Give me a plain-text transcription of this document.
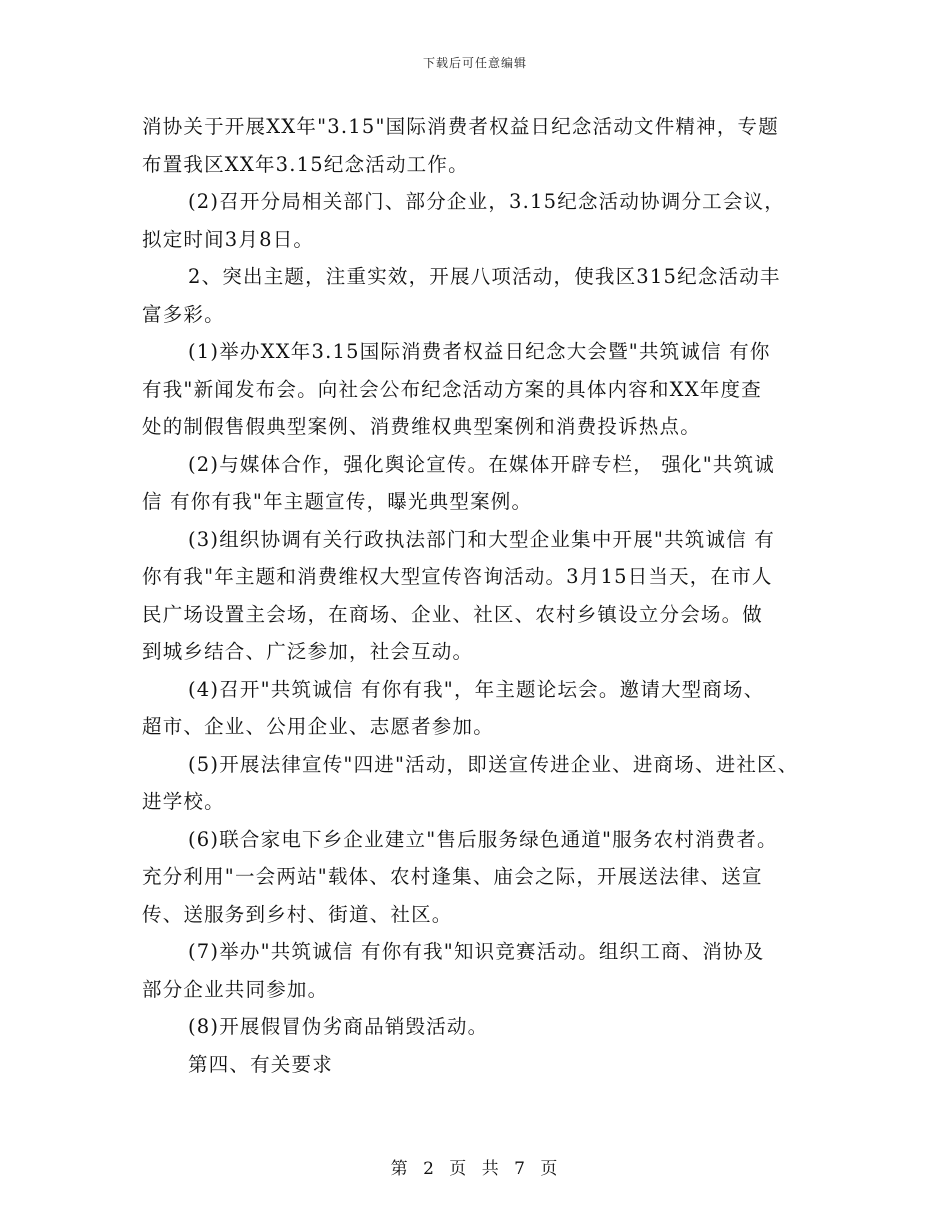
下载后可任意编辑
消协关于开展XX年"3.15"国际消费者权益日纪念活动文件精神，专题
布置我区XX年3.15纪念活动工作。
(2)召开分局相关部门、部分企业，3.15纪念活动协调分工会议，
拟定时间3月8日。
2、突出主题，注重实效，开展八项活动，使我区315纪念活动丰
富多彩。
(1)举办XX年3.15国际消费者权益日纪念大会暨"共筑诚信 有你
有我"新闻发布会。向社会公布纪念活动方案的具体内容和XX年度查
处的制假售假典型案例、消费维权典型案例和消费投诉热点。
(2)与媒体合作，强化舆论宣传。在媒体开辟专栏， 强化"共筑诚
信 有你有我"年主题宣传，曝光典型案例。
(3)组织协调有关行政执法部门和大型企业集中开展"共筑诚信 有
你有我"年主题和消费维权大型宣传咨询活动。3月15日当天，在市人
民广场设置主会场，在商场、企业、社区、农村乡镇设立分会场。做
到城乡结合、广泛参加，社会互动。
(4)召开"共筑诚信 有你有我"，年主题论坛会。邀请大型商场、
超市、企业、公用企业、志愿者参加。
(5)开展法律宣传"四进"活动，即送宣传进企业、进商场、进社区、
进学校。
(6)联合家电下乡企业建立"售后服务绿色通道"服务农村消费者。
充分利用"一会两站"载体、农村逢集、庙会之际，开展送法律、送宣
传、送服务到乡村、街道、社区。
(7)举办"共筑诚信 有你有我"知识竞赛活动。组织工商、消协及
部分企业共同参加。
(8)开展假冒伪劣商品销毁活动。
第四、有关要求
第 2 页 共 7 页
